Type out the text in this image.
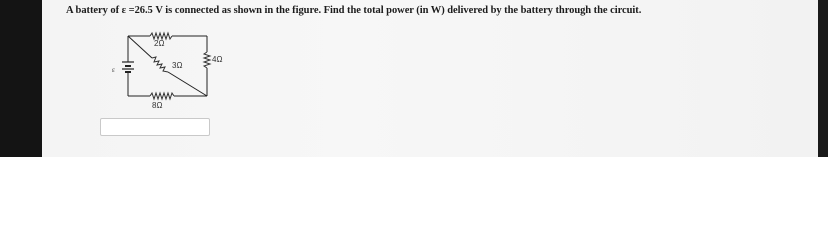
A battery of ε =26.5 V is connected as shown in the figure. Find the total power (in W) delivered by the battery through the circuit.
2Ω
3Ω
4Ω
8Ω
ε
